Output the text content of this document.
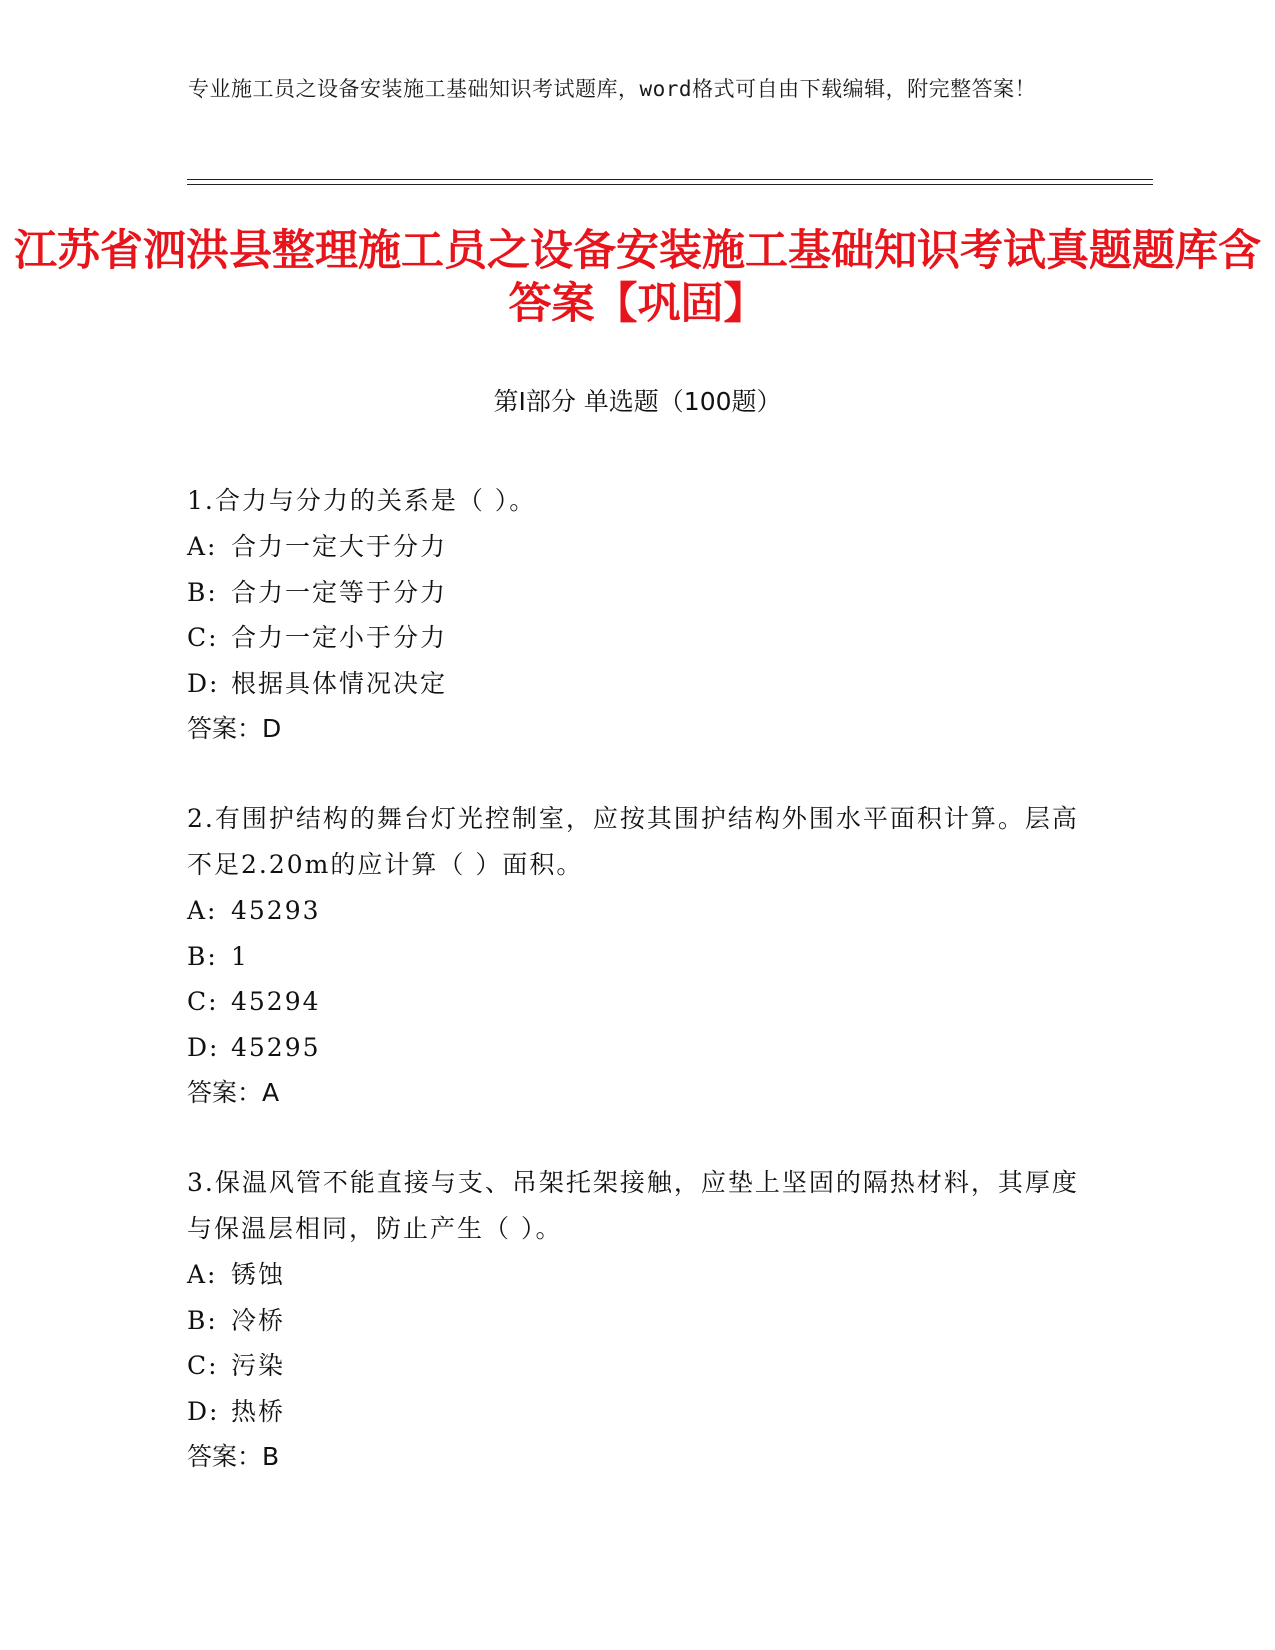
专业施工员之设备安装施工基础知识考试题库，word格式可自由下载编辑，附完整答案！
江苏省泗洪县整理施工员之设备安装施工基础知识考试真题题库含答案【巩固】
第I部分 单选题（100题）
1.合力与分力的关系是（ ）。
A: 合力一定大于分力
B: 合力一定等于分力
C: 合力一定小于分力
D: 根据具体情况决定
答案：D
2.有围护结构的舞台灯光控制室，应按其围护结构外围水平面积计算。层高不足2.20m的应计算（ ）面积。
A: 45293
B: 1
C: 45294
D: 45295
答案：A
3.保温风管不能直接与支、吊架托架接触，应垫上坚固的隔热材料，其厚度与保温层相同，防止产生（ ）。
A: 锈蚀
B: 冷桥
C: 污染
D: 热桥
答案：B
